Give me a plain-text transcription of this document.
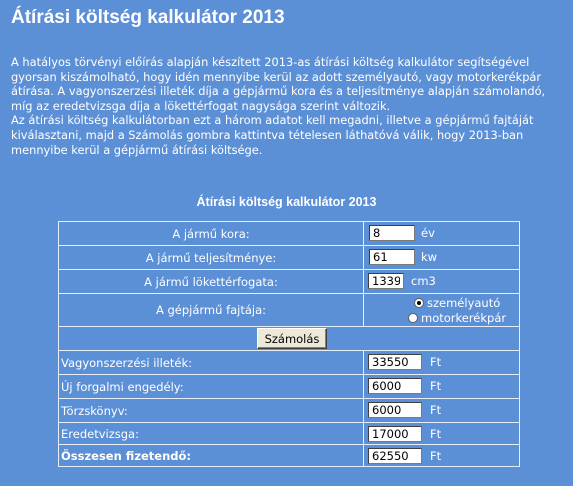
Átírási költség kalkulátor 2013

A hatályos törvényi előírás alapján készített 2013-as átírási költség kalkulátor segítségével gyorsan kiszámolható, hogy idén mennyibe kerül az adott személyautó, vagy motorkerékpár átírása. A vagyonszerzési illeték díja a gépjármű kora és a teljesítménye alapján számolandó, míg az eredetvizsga díja a lökettérfogat nagysága szerint változik.

Az átírási költség kalkulátorban ezt a három adatot kell megadni, illetve a gépjármű fajtáját kiválasztani, majd a Számolás gombra kattintva tételesen láthatóvá válik, hogy 2013-ban mennyibe kerül a gépjármű átírási költsége.

Átírási költség kalkulátor 2013
A jármű kora:
8	év
A jármű teljesítménye:
61	kw
A jármű lökettérfogata:
1339	cm3
A gépjármű fajtája:	személyautó
motorkerékpár
Számolás
Vagyonszerzési illeték:
33550	Ft
Új forgalmi engedély:
6000	Ft
Törzskönyv:
6000	Ft
Eredetvizsga:
17000	Ft
Összesen fizetendő:
62550	Ft
